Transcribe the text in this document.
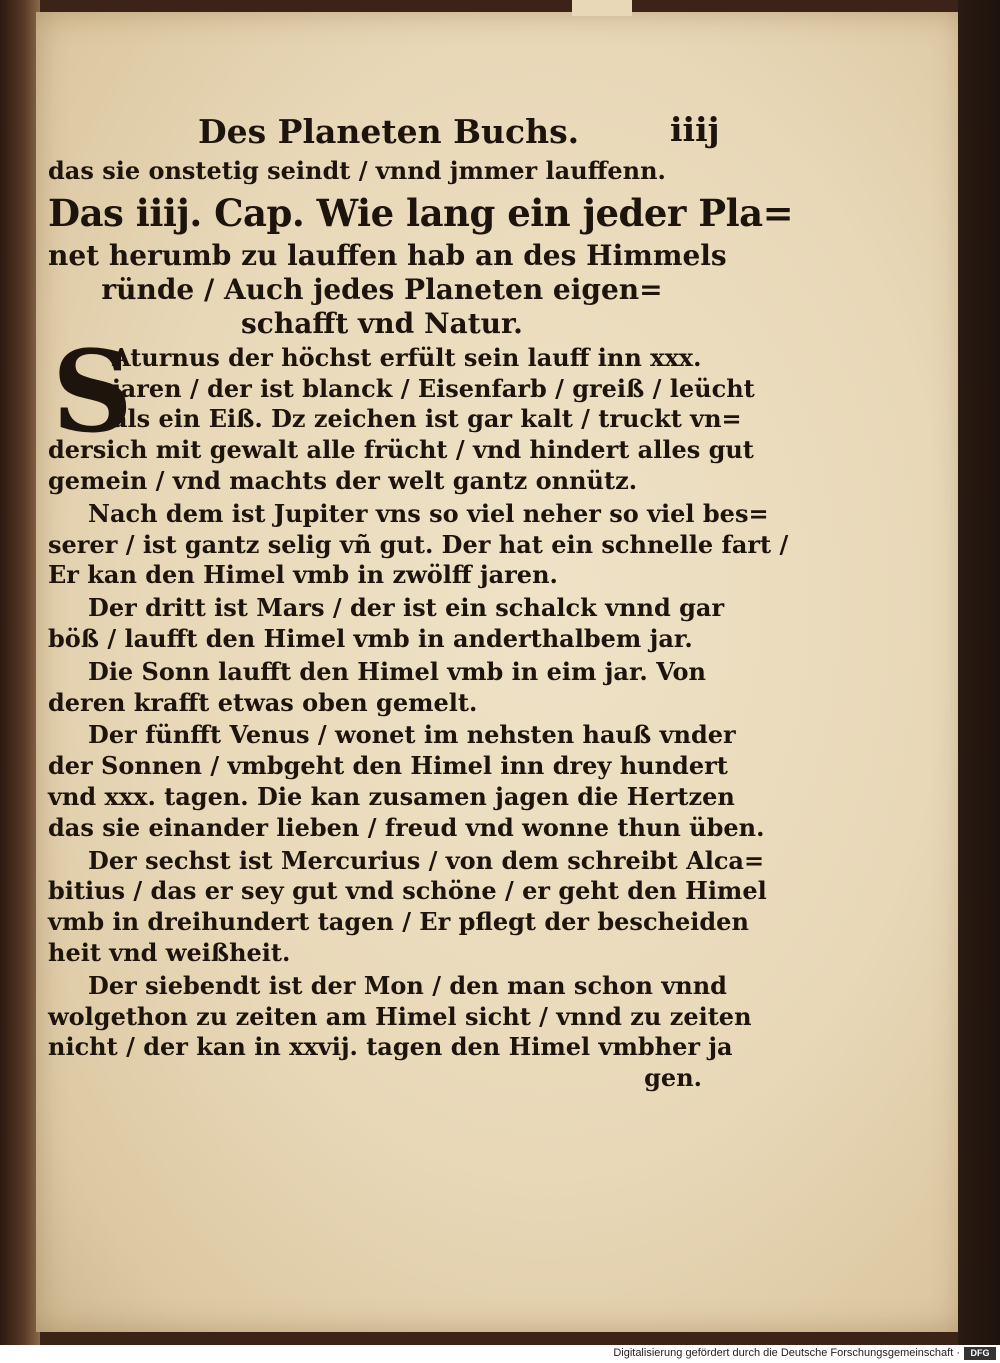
Des Planeten Buchs.	iiij
das sie onstetig seindt / vnnd jmmer lauffenn.
Das iiij. Cap. Wie lang ein jeder Pla=
net herumb zu lauffen hab an des Himmels
ründe / Auch jedes Planeten eigen=
schafft vnd Natur.
S
Aturnus der höchst erfült sein lauff inn xxx.
jaren / der ist blanck / Eisenfarb / greiß / leücht
als ein Eiß. Dz zeichen ist gar kalt / truckt vn=
dersich mit gewalt alle frücht / vnd hindert alles gut
gemein / vnd machts der welt gantz onnütz.
Nach dem ist Jupiter vns so viel neher so viel bes=
serer / ist gantz selig vñ gut. Der hat ein schnelle fart /
Er kan den Himel vmb in zwölff jaren.
Der dritt ist Mars / der ist ein schalck vnnd gar
böß / laufft den Himel vmb in anderthalbem jar.
Die Sonn laufft den Himel vmb in eim jar. Von
deren krafft etwas oben gemelt.
Der fünfft Venus / wonet im nehsten hauß vnder
der Sonnen / vmbgeht den Himel inn drey hundert
vnd xxx. tagen. Die kan zusamen jagen die Hertzen
das sie einander lieben / freud vnd wonne thun üben.
Der sechst ist Mercurius / von dem schreibt Alca=
bitius / das er sey gut vnd schöne / er geht den Himel
vmb in dreihundert tagen / Er pflegt der bescheiden
heit vnd weißheit.
Der siebendt ist der Mon / den man schon vnnd
wolgethon zu zeiten am Himel sicht / vnnd zu zeiten
nicht / der kan in xxvij. tagen den Himel vmbher ja
gen.
Digitalisierung gefördert durch die Deutsche Forschungsgemeinschaft ·	DFG
